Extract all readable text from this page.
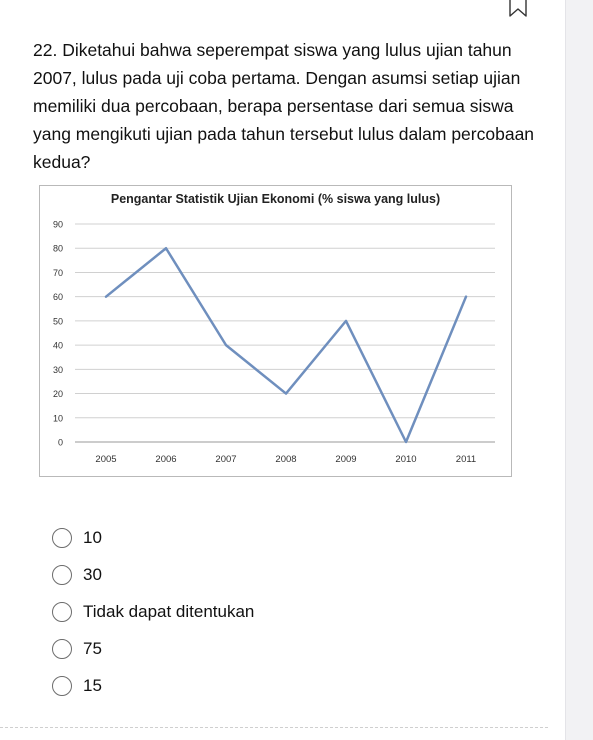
22. Diketahui bahwa seperempat siswa yang lulus ujian tahun 2007, lulus pada uji coba pertama. Dengan asumsi setiap ujian memiliki dua percobaan, berapa persentase dari semua siswa yang mengikuti ujian pada tahun tersebut lulus dalam percobaan kedua?
Pengantar Statistik Ujian Ekonomi (% siswa yang lulus)
0
10
20
30
40
50
60
70
80
90
2005	2006	2007	2008	2009	2010	2011
10
30
Tidak dapat ditentukan
75
15
